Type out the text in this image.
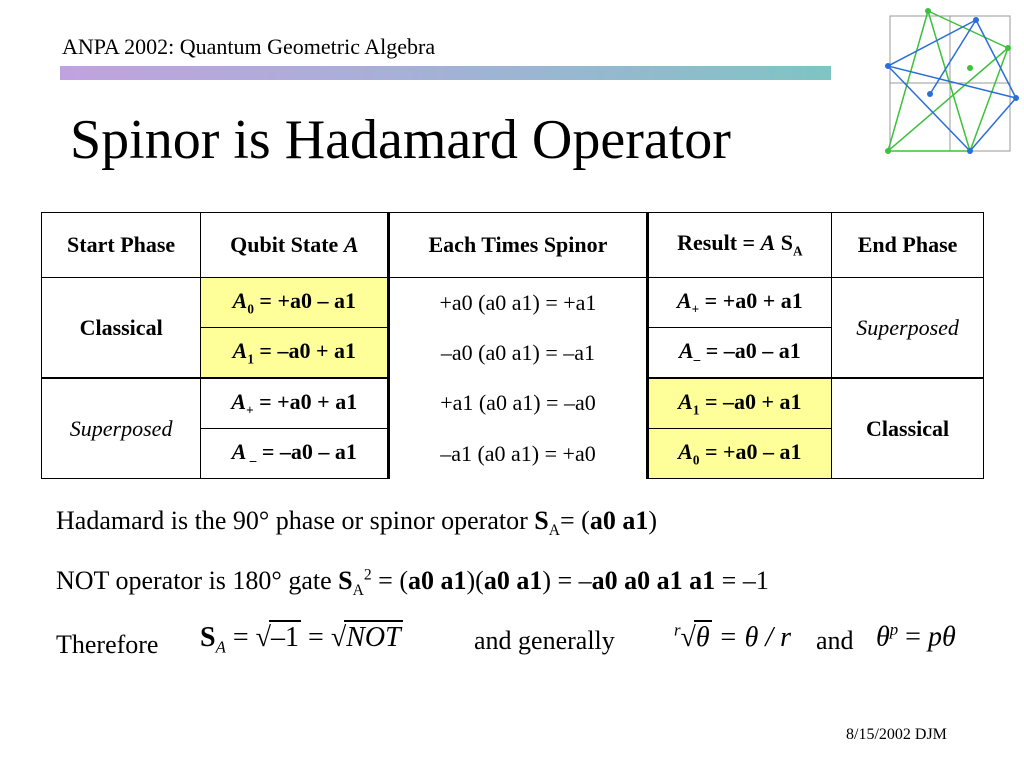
ANPA 2002: Quantum Geometric Algebra
Spinor is Hadamard Operator
Start Phase	Qubit State A	Each Times Spinor	Result = A $S_A$	End Phase
Classical	$A_0 = +a0 - a1$	+a0 (a0 a1) = +a1	$A_+ = +a0 + a1$	Superposed
	$A_1 = -a0 + a1$	–a0 (a0 a1) = –a1	$A_- = -a0 - a1$	
Superposed	$A_+ = +a0 + a1$	+a1 (a0 a1) = –a0	$A_1 = -a0 + a1$	Classical
	A $_-$ = –a0 – a1	–a1 (a0 a1) = +a0	$A_0 = +a0 - a1$	
Hadamard is the 90° phase or spinor operator $S_A= (a0$ a1)
NOT operator is 180° gate $S_A^2 = (a0$ a1)(a0 a1) = –a0 a0 a1 a1 = –1
Therefore $S_A = √-1 = √NOT$	and generally	$^r$√θ = θ / r and $\theta^p = p\theta$
8/15/2002 DJM
